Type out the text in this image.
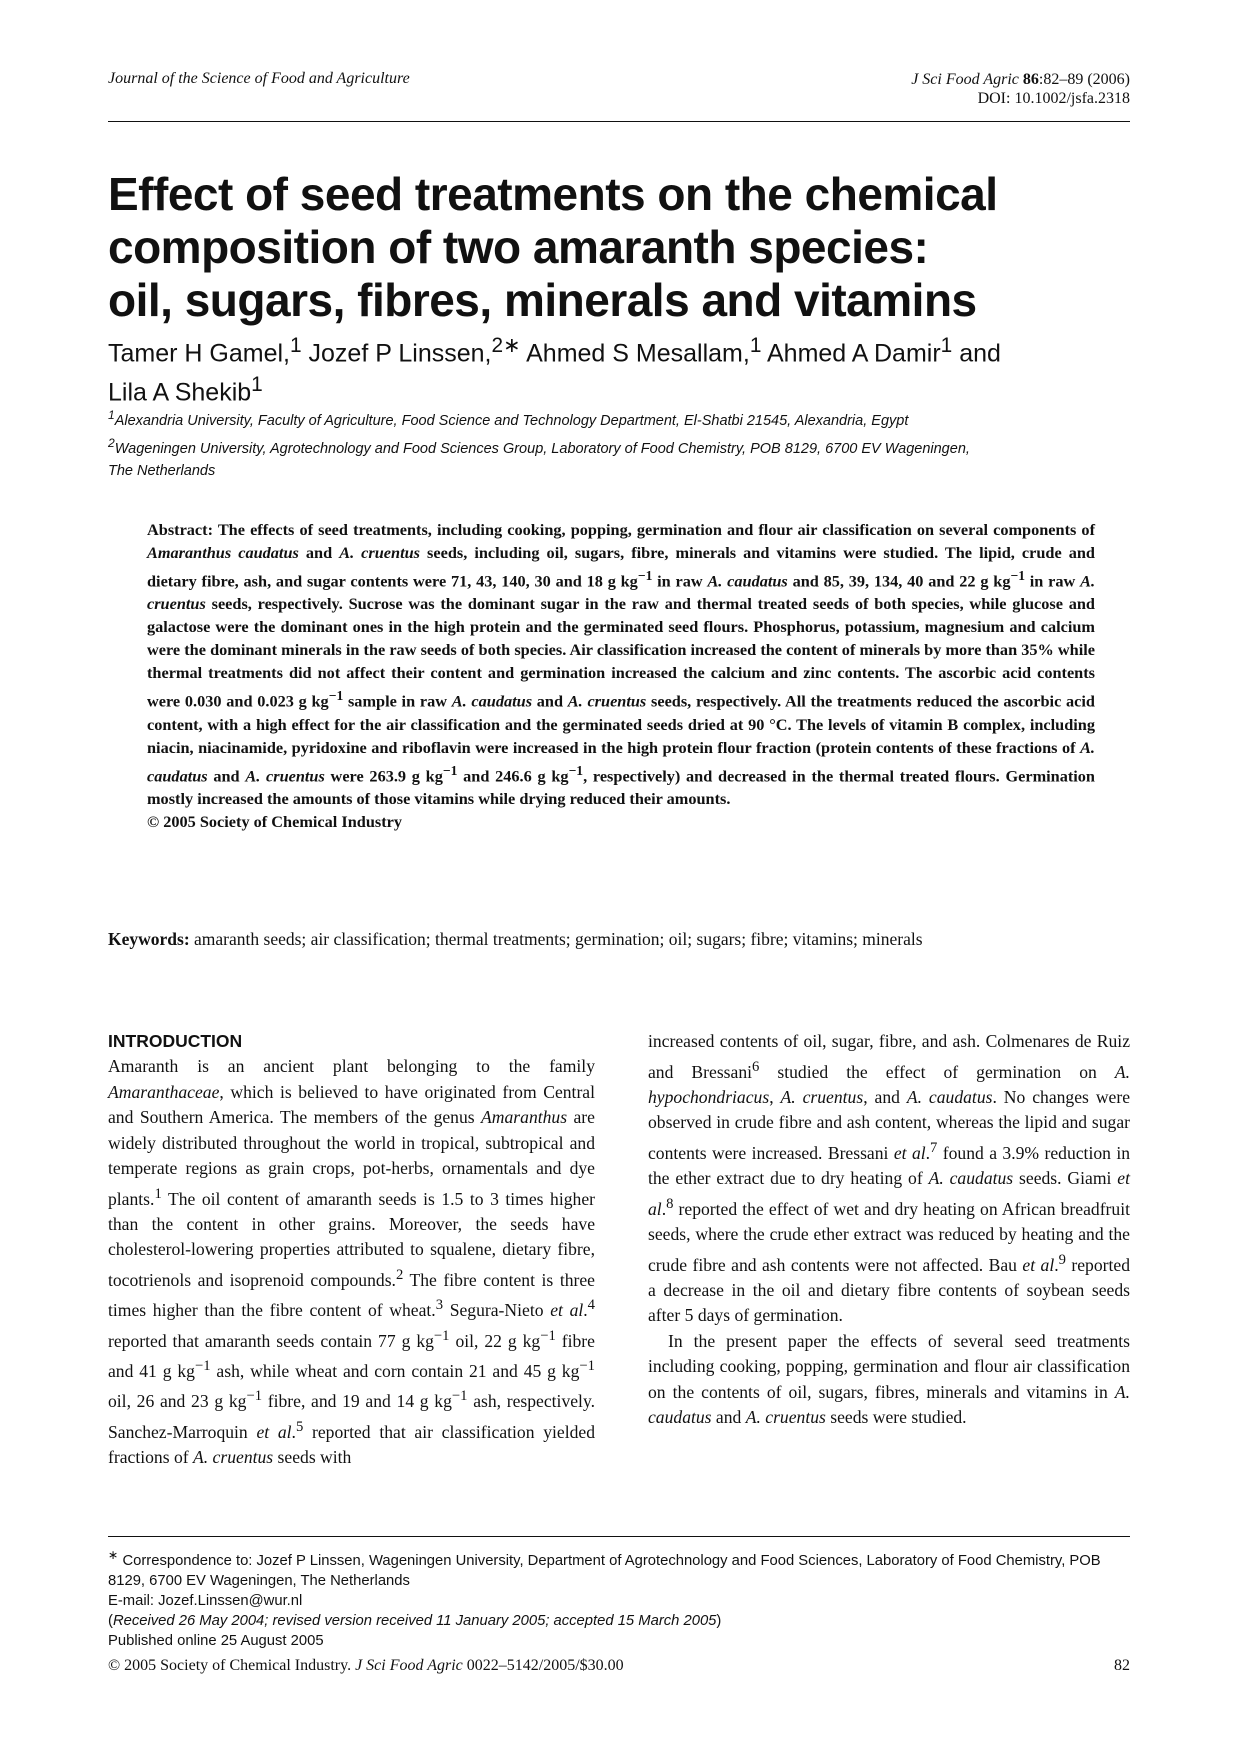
Journal of the Science of Food and Agriculture	J Sci Food Agric 86:82–89 (2006)
DOI: 10.1002/jsfa.2318
Effect of seed treatments on the chemical
composition of two amaranth species:
oil, sugars, fibres, minerals and vitamins
Tamer H Gamel,$^1$ Jozef P Linssen,$^{2∗}$ Ahmed S Mesallam,$^1$ Ahmed A Damir$^1$ and
Lila A Shekib$^1$
$^1$Alexandria University, Faculty of Agriculture, Food Science and Technology Department, El-Shatbi 21545, Alexandria, Egypt
$^2$Wageningen University, Agrotechnology and Food Sciences Group, Laboratory of Food Chemistry, POB 8129, 6700 EV Wageningen,
The Netherlands

Abstract: The effects of seed treatments, including cooking, popping, germination and flour air classification on several components of Amaranthus caudatus and A. cruentus seeds, including oil, sugars, fibre, minerals and vitamins were studied. The lipid, crude and dietary fibre, ash, and sugar contents were 71, 43, 140, 30 and 18 g $kg^{-1}$ in raw A. caudatus and 85, 39, 134, 40 and 22 g $kg^{-1}$ in raw A. cruentus seeds, respectively. Sucrose was the dominant sugar in the raw and thermal treated seeds of both species, while glucose and galactose were the dominant ones in the high protein and the germinated seed flours. Phosphorus, potassium, magnesium and calcium were the dominant minerals in the raw seeds of both species. Air classification increased the content of minerals by more than 35% while thermal treatments did not affect their content and germination increased the calcium and zinc contents. The ascorbic acid contents were 0.030 and 0.023 g $kg^{-1}$ sample in raw A. caudatus and A. cruentus seeds, respectively. All the treatments reduced the ascorbic acid content, with a high effect for the air classification and the germinated seeds dried at 90 °C. The levels of vitamin B complex, including niacin, niacinamide, pyridoxine and riboflavin were increased in the high protein flour fraction (protein contents of these fractions of A. caudatus and A. cruentus were 263.9 g $kg^{-1}$ and 246.6 g $kg^{-1}$, respectively) and decreased in the thermal treated flours. Germination mostly increased the amounts of those vitamins while drying reduced their amounts.

© 2005 Society of Chemical Industry

Keywords: amaranth seeds; air classification; thermal treatments; germination; oil; sugars; fibre; vitamins; minerals
INTRODUCTION

Amaranth is an ancient plant belonging to the family Amaranthaceae, which is believed to have originated from Central and Southern America. The members of the genus Amaranthus are widely distributed throughout the world in tropical, subtropical and temperate regions as grain crops, pot-herbs, ornamentals and dye plants.$^1$ The oil content of amaranth seeds is 1.5 to 3 times higher than the content in other grains. Moreover, the seeds have cholesterol-lowering properties attributed to squalene, dietary fibre, tocotrienols and isoprenoid compounds.$^2$ The fibre content is three times higher than the fibre content of wheat.$^3$ Segura-Nieto et al.$^4$ reported that amaranth seeds contain 77 g $kg^{-1}$ oil, 22 g $kg^{-1}$ fibre and 41 g $kg^{-1}$ ash, while wheat and corn contain 21 and 45 g $kg^{-1}$ oil, 26 and 23 g $kg^{-1}$ fibre, and 19 and 14 g $kg^{-1}$ ash, respectively. Sanchez-Marroquin et al.$^5$ reported that air classification yielded fractions of A. cruentus seeds with

increased contents of oil, sugar, fibre, and ash. Colmenares de Ruiz and Bressani$^6$ studied the effect of germination on A. hypochondriacus, A. cruentus, and A. caudatus. No changes were observed in crude fibre and ash content, whereas the lipid and sugar contents were increased. Bressani et al.$^7$ found a 3.9% reduction in the ether extract due to dry heating of A. caudatus seeds. Giami et al.$^8$ reported the effect of wet and dry heating on African breadfruit seeds, where the crude ether extract was reduced by heating and the crude fibre and ash contents were not affected. Bau et al.$^9$ reported a decrease in the oil and dietary fibre contents of soybean seeds after 5 days of germination.

In the present paper the effects of several seed treatments including cooking, popping, germination and flour air classification on the contents of oil, sugars, fibres, minerals and vitamins in A. caudatus and A. cruentus seeds were studied.

∗ Correspondence to: Jozef P Linssen, Wageningen University, Department of Agrotechnology and Food Sciences, Laboratory of Food Chemistry, POB 8129, 6700 EV Wageningen, The Netherlands

E-mail: Jozef.Linssen@wur.nl

(Received 26 May 2004; revised version received 11 January 2005; accepted 15 March 2005)

Published online 25 August 2005

© 2005 Society of Chemical Industry. J Sci Food Agric 0022–5142/2005/$30.00	82
